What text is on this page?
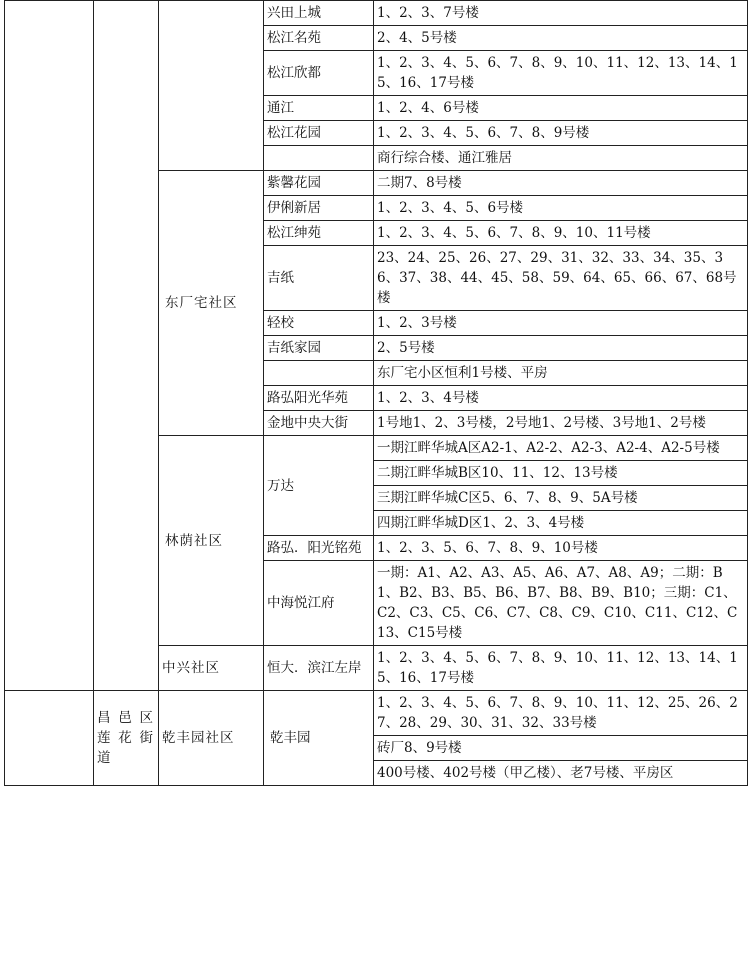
			兴田上城	1、2、3、7号楼
			松江名苑	2、4、5号楼
			松江欣都	1、2、3、4、5、6、7、8、9、10、11、12、13、14、15、16、17号楼
			通江	1、2、4、6号楼
			松江花园	1、2、3、4、5、6、7、8、9号楼
				商行综合楼、通江雅居
		东厂宅社区	紫馨花园	二期7、8号楼
			伊俐新居	1、2、3、4、5、6号楼
			松江绅苑	1、2、3、4、5、6、7、8、9、10、11号楼
			吉纸	23、24、25、26、27、29、31、32、33、34、35、36、37、38、44、45、58、59、64、65、66、67、68号楼
			轻校	1、2、3号楼
			吉纸家园	2、5号楼
				东厂宅小区恒利1号楼、平房
			路弘阳光华苑	1、2、3、4号楼
			金地中央大街	1号地1、2、3号楼，2号地1、2号楼、3号地1、2号楼
		林荫社区	万达	一期江畔华城A区A2-1、A2-2、A2-3、A2-4、A2-5号楼
				二期江畔华城B区10、11、12、13号楼
				三期江畔华城C区5、6、7、8、9、5A号楼
				四期江畔华城D区1、2、3、4号楼
			路弘．阳光铭苑	1、2、3、5、6、7、8、9、10号楼
			中海悦江府	一期：A1、A2、A3、A5、A6、A7、A8、A9；二期：B1、B2、B3、B5、B6、B7、B8、B9、B10；三期：C1、C2、C3、C5、C6、C7、C8、C9、C10、C11、C12、C13、C15号楼
		中兴社区	恒大．滨江左岸	1、2、3、4、5、6、7、8、9、10、11、12、13、14、15、16、17号楼
	昌邑区莲花街道	乾丰园社区	乾丰园	1、2、3、4、5、6、7、8、9、10、11、12、25、26、27、28、29、30、31、32、33号楼
				砖厂8、9号楼
				400号楼、402号楼（甲乙楼）、老7号楼、平房区
